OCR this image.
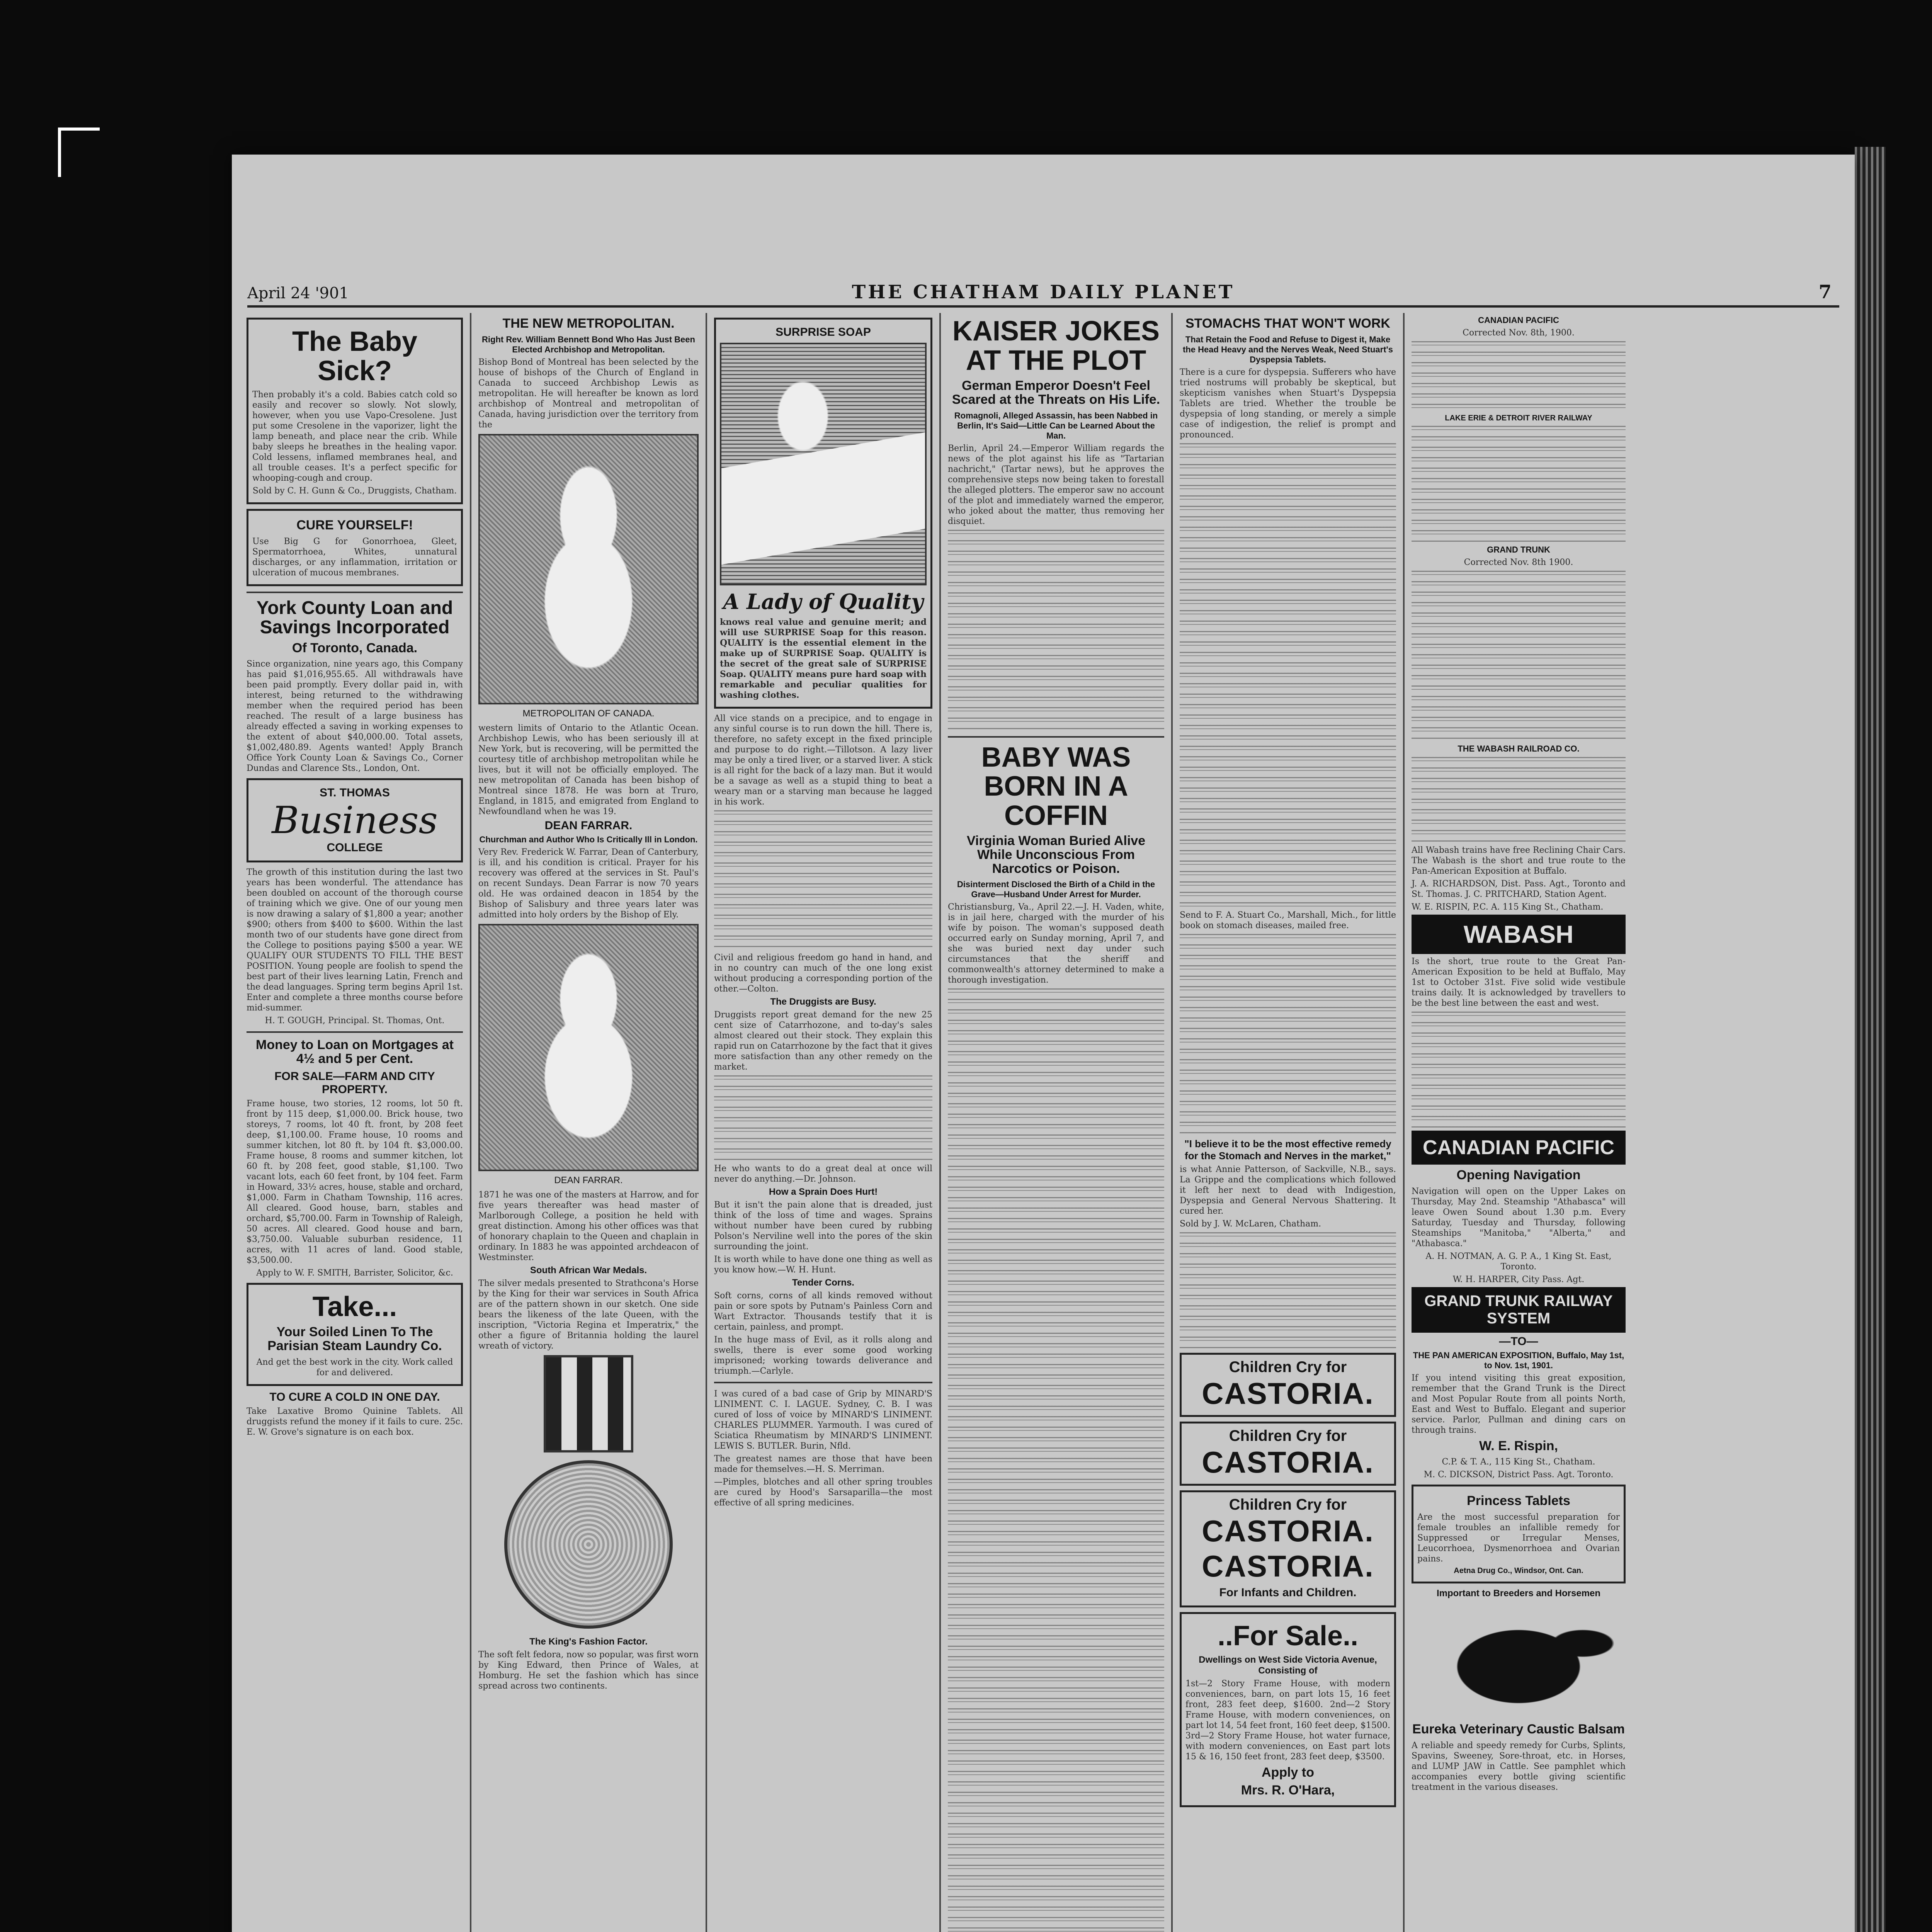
April 24 '901	THE CHATHAM DAILY PLANET	7
The Baby Sick?
Then probably it's a cold. Babies catch cold so easily and recover so slowly. Not slowly, however, when you use Vapo-Cresolene. Just put some Cresolene in the vaporizer, light the lamp beneath, and place near the crib. While baby sleeps he breathes in the healing vapor. Cold lessens, inflamed membranes heal, and all trouble ceases. It's a perfect specific for whooping-cough and croup.
Sold by C. H. Gunn & Co., Druggists, Chatham.
CURE YOURSELF!
Use Big G for Gonorrhoea, Gleet, Spermatorrhoea, Whites, unnatural discharges, or any inflammation, irritation or ulceration of mucous membranes.
York County Loan and Savings Incorporated
Of Toronto, Canada.
Since organization, nine years ago, this Company has paid $1,016,955.65. All withdrawals have been paid promptly. Every dollar paid in, with interest, being returned to the withdrawing member when the required period has been reached. The result of a large business has already effected a saving in working expenses to the extent of about $40,000.00. Total assets, $1,002,480.89. Agents wanted! Apply Branch Office York County Loan & Savings Co., Corner Dundas and Clarence Sts., London, Ont.
ST. THOMAS
Business
COLLEGE
The growth of this institution during the last two years has been wonderful. The attendance has been doubled on account of the thorough course of training which we give. One of our young men is now drawing a salary of $1,800 a year; another $900; others from $400 to $600. Within the last month two of our students have gone direct from the College to positions paying $500 a year. WE QUALIFY OUR STUDENTS TO FILL THE BEST POSITION. Young people are foolish to spend the best part of their lives learning Latin, French and the dead languages. Spring term begins April 1st. Enter and complete a three months course before mid-summer.
H. T. GOUGH, Principal. St. Thomas, Ont.
Money to Loan on Mortgages at 4½ and 5 per Cent.
FOR SALE—FARM AND CITY PROPERTY.
Frame house, two stories, 12 rooms, lot 50 ft. front by 115 deep, $1,000.00. Brick house, two storeys, 7 rooms, lot 40 ft. front, by 208 feet deep, $1,100.00. Frame house, 10 rooms and summer kitchen, lot 80 ft. by 104 ft. $3,000.00. Frame house, 8 rooms and summer kitchen, lot 60 ft. by 208 feet, good stable, $1,100. Two vacant lots, each 60 feet front, by 104 feet. Farm in Howard, 33½ acres, house, stable and orchard, $1,000. Farm in Chatham Township, 116 acres. All cleared. Good house, barn, stables and orchard, $5,700.00. Farm in Township of Raleigh, 50 acres. All cleared. Good house and barn, $3,750.00. Valuable suburban residence, 11 acres, with 11 acres of land. Good stable, $3,500.00.
Apply to W. F. SMITH, Barrister, Solicitor, &c.
Take...
Your Soiled Linen To The Parisian Steam Laundry Co.
And get the best work in the city. Work called for and delivered.
TO CURE A COLD IN ONE DAY.
Take Laxative Bromo Quinine Tablets. All druggists refund the money if it fails to cure. 25c. E. W. Grove's signature is on each box.
THE NEW METROPOLITAN.
Right Rev. William Bennett Bond Who Has Just Been Elected Archbishop and Metropolitan.
Bishop Bond of Montreal has been selected by the house of bishops of the Church of England in Canada to succeed Archbishop Lewis as metropolitan. He will hereafter be known as lord archbishop of Montreal and metropolitan of Canada, having jurisdiction over the territory from the
METROPOLITAN OF CANADA.
western limits of Ontario to the Atlantic Ocean. Archbishop Lewis, who has been seriously ill at New York, but is recovering, will be permitted the courtesy title of archbishop metropolitan while he lives, but it will not be officially employed. The new metropolitan of Canada has been bishop of Montreal since 1878. He was born at Truro, England, in 1815, and emigrated from England to Newfoundland when he was 19.
DEAN FARRAR.
Churchman and Author Who Is Critically Ill in London.
Very Rev. Frederick W. Farrar, Dean of Canterbury, is ill, and his condition is critical. Prayer for his recovery was offered at the services in St. Paul's on recent Sundays. Dean Farrar is now 70 years old. He was ordained deacon in 1854 by the Bishop of Salisbury and three years later was admitted into holy orders by the Bishop of Ely.
DEAN FARRAR.
1871 he was one of the masters at Harrow, and for five years thereafter was head master of Marlborough College, a position he held with great distinction. Among his other offices was that of honorary chaplain to the Queen and chaplain in ordinary. In 1883 he was appointed archdeacon of Westminster.
South African War Medals.
The silver medals presented to Strathcona's Horse by the King for their war services in South Africa are of the pattern shown in our sketch. One side bears the likeness of the late Queen, with the inscription, "Victoria Regina et Imperatrix," the other a figure of Britannia holding the laurel wreath of victory.
The King's Fashion Factor.
The soft felt fedora, now so popular, was first worn by King Edward, then Prince of Wales, at Homburg. He set the fashion which has since spread across two continents.
SURPRISE SOAP
A Lady of Quality
knows real value and genuine merit; and will use SURPRISE Soap for this reason. QUALITY is the essential element in the make up of SURPRISE Soap. QUALITY is the secret of the great sale of SURPRISE Soap. QUALITY means pure hard soap with remarkable and peculiar qualities for washing clothes.
All vice stands on a precipice, and to engage in any sinful course is to run down the hill. There is, therefore, no safety except in the fixed principle and purpose to do right.—Tillotson. A lazy liver may be only a tired liver, or a starved liver. A stick is all right for the back of a lazy man. But it would be a savage as well as a stupid thing to beat a weary man or a starving man because he lagged in his work.
Civil and religious freedom go hand in hand, and in no country can much of the one long exist without producing a corresponding portion of the other.—Colton.
The Druggists are Busy.
Druggists report great demand for the new 25 cent size of Catarrhozone, and to-day's sales almost cleared out their stock. They explain this rapid run on Catarrhozone by the fact that it gives more satisfaction than any other remedy on the market.
He who wants to do a great deal at once will never do anything.—Dr. Johnson.
How a Sprain Does Hurt!
But it isn't the pain alone that is dreaded, just think of the loss of time and wages. Sprains without number have been cured by rubbing Polson's Nerviline well into the pores of the skin surrounding the joint.
It is worth while to have done one thing as well as you know how.—W. H. Hunt.
Tender Corns.
Soft corns, corns of all kinds removed without pain or sore spots by Putnam's Painless Corn and Wart Extractor. Thousands testify that it is certain, painless, and prompt.
In the huge mass of Evil, as it rolls along and swells, there is ever some good working imprisoned; working towards deliverance and triumph.—Carlyle.
I was cured of a bad case of Grip by MINARD'S LINIMENT. C. I. LAGUE. Sydney, C. B. I was cured of loss of voice by MINARD'S LINIMENT. CHARLES PLUMMER. Yarmouth. I was cured of Sciatica Rheumatism by MINARD'S LINIMENT. LEWIS S. BUTLER. Burin, Nfld.
The greatest names are those that have been made for themselves.—H. S. Merriman.
—Pimples, blotches and all other spring troubles are cured by Hood's Sarsaparilla—the most effective of all spring medicines.
KAISER JOKES AT THE PLOT
German Emperor Doesn't Feel Scared at the Threats on His Life.
Romagnoli, Alleged Assassin, has been Nabbed in Berlin, It's Said—Little Can be Learned About the Man.
Berlin, April 24.—Emperor William regards the news of the plot against his life as "Tartarian nachricht," (Tartar news), but he approves the comprehensive steps now being taken to forestall the alleged plotters. The emperor saw no account of the plot and immediately warned the emperor, who joked about the matter, thus removing her disquiet.
BABY WAS BORN IN A COFFIN
Virginia Woman Buried Alive While Unconscious From Narcotics or Poison.
Disinterment Disclosed the Birth of a Child in the Grave—Husband Under Arrest for Murder.
Christiansburg, Va., April 22.—J. H. Vaden, white, is in jail here, charged with the murder of his wife by poison. The woman's supposed death occurred early on Sunday morning, April 7, and she was buried next day under such circumstances that the sheriff and commonwealth's attorney determined to make a thorough investigation.
STOMACHS THAT WON'T WORK
That Retain the Food and Refuse to Digest it, Make the Head Heavy and the Nerves Weak, Need Stuart's Dyspepsia Tablets.
There is a cure for dyspepsia. Sufferers who have tried nostrums will probably be skeptical, but skepticism vanishes when Stuart's Dyspepsia Tablets are tried. Whether the trouble be dyspepsia of long standing, or merely a simple case of indigestion, the relief is prompt and pronounced.
Send to F. A. Stuart Co., Marshall, Mich., for little book on stomach diseases, mailed free.
"I believe it to be the most effective remedy for the Stomach and Nerves in the market,"
is what Annie Patterson, of Sackville, N.B., says. La Grippe and the complications which followed it left her next to dead with Indigestion, Dyspepsia and General Nervous Shattering. It cured her.
Sold by J. W. McLaren, Chatham.
Children Cry for
CASTORIA.
Children Cry for
CASTORIA.
Children Cry for
CASTORIA.
CASTORIA.
For Infants and Children.
..For Sale..
Dwellings on West Side Victoria Avenue, Consisting of
1st—2 Story Frame House, with modern conveniences, barn, on part lots 15, 16 feet front, 283 feet deep, $1600. 2nd—2 Story Frame House, with modern conveniences, on part lot 14, 54 feet front, 160 feet deep, $1500. 3rd—2 Story Frame House, hot water furnace, with modern conveniences, on East part lots 15 & 16, 150 feet front, 283 feet deep, $3500.
Apply to
Mrs. R. O'Hara,
CANADIAN PACIFIC
Corrected Nov. 8th, 1900.
LAKE ERIE & DETROIT RIVER RAILWAY
GRAND TRUNK
Corrected Nov. 8th 1900.
THE WABASH RAILROAD CO.
All Wabash trains have free Reclining Chair Cars. The Wabash is the short and true route to the Pan-American Exposition at Buffalo.
J. A. RICHARDSON, Dist. Pass. Agt., Toronto and St. Thomas. J. C. PRITCHARD, Station Agent.
W. E. RISPIN, P.C. A. 115 King St., Chatham.
WABASH
Is the short, true route to the Great Pan-American Exposition to be held at Buffalo, May 1st to October 31st. Five solid wide vestibule trains daily. It is acknowledged by travellers to be the best line between the east and west.
CANADIAN PACIFIC
Opening Navigation
Navigation will open on the Upper Lakes on Thursday, May 2nd. Steamship "Athabasca" will leave Owen Sound about 1.30 p.m. Every Saturday, Tuesday and Thursday, following Steamships "Manitoba," "Alberta," and "Athabasca."
A. H. NOTMAN, A. G. P. A., 1 King St. East, Toronto.
W. H. HARPER, City Pass. Agt.
GRAND TRUNK RAILWAY SYSTEM
—TO—
THE PAN AMERICAN EXPOSITION, Buffalo, May 1st, to Nov. 1st, 1901.
If you intend visiting this great exposition, remember that the Grand Trunk is the Direct and Most Popular Route from all points North, East and West to Buffalo. Elegant and superior service. Parlor, Pullman and dining cars on through trains.
W. E. Rispin,
C.P. & T. A., 115 King St., Chatham.
M. C. DICKSON, District Pass. Agt. Toronto.
Princess Tablets
Are the most successful preparation for female troubles an infallible remedy for Suppressed or Irregular Menses, Leucorrhoea, Dysmenorrhoea and Ovarian pains.
Aetna Drug Co., Windsor, Ont. Can.
Important to Breeders and Horsemen
Eureka Veterinary Caustic Balsam
A reliable and speedy remedy for Curbs, Splints, Spavins, Sweeney, Sore-throat, etc. in Horses, and LUMP JAW in Cattle. See pamphlet which accompanies every bottle giving scientific treatment in the various diseases.
